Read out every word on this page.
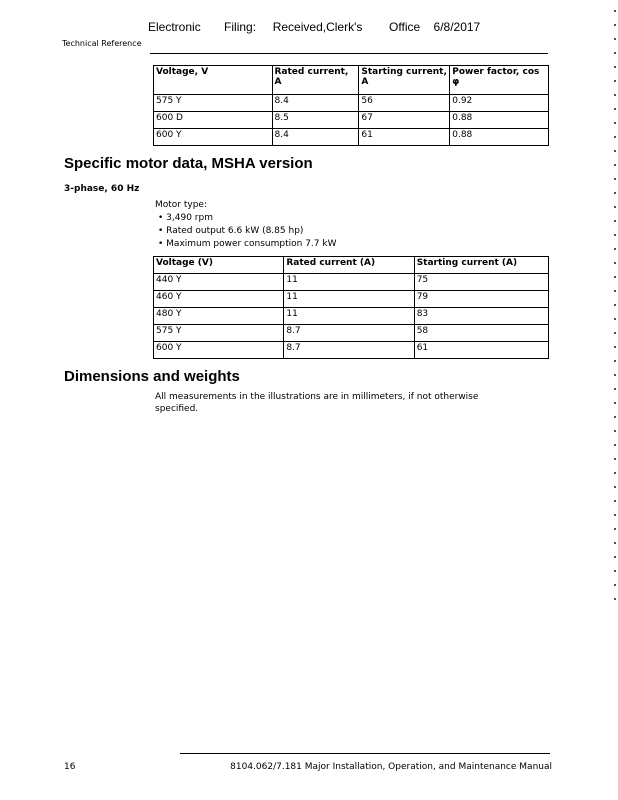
Electronic Filing: Received,Clerk's Office 6/8/2017
Technical Reference
Voltage, V	Rated current, A	Starting current, A	Power factor, cos φ
575 Y	8.4	56	0.92
600 D	8.5	67	0.88
600 Y	8.4	61	0.88
Specific motor data, MSHA version
3-phase, 60 Hz
Motor type:
• 3,490 rpm
• Rated output 6.6 kW (8.85 hp)
• Maximum power consumption 7.7 kW
Voltage (V)	Rated current (A)	Starting current (A)
440 Y	11	75
460 Y	11	79
480 Y	11	83
575 Y	8.7	58
600 Y	8.7	61
Dimensions and weights
All measurements in the illustrations are in millimeters, if not otherwise specified.
16	8104.062/7.181 Major Installation, Operation, and Maintenance Manual
